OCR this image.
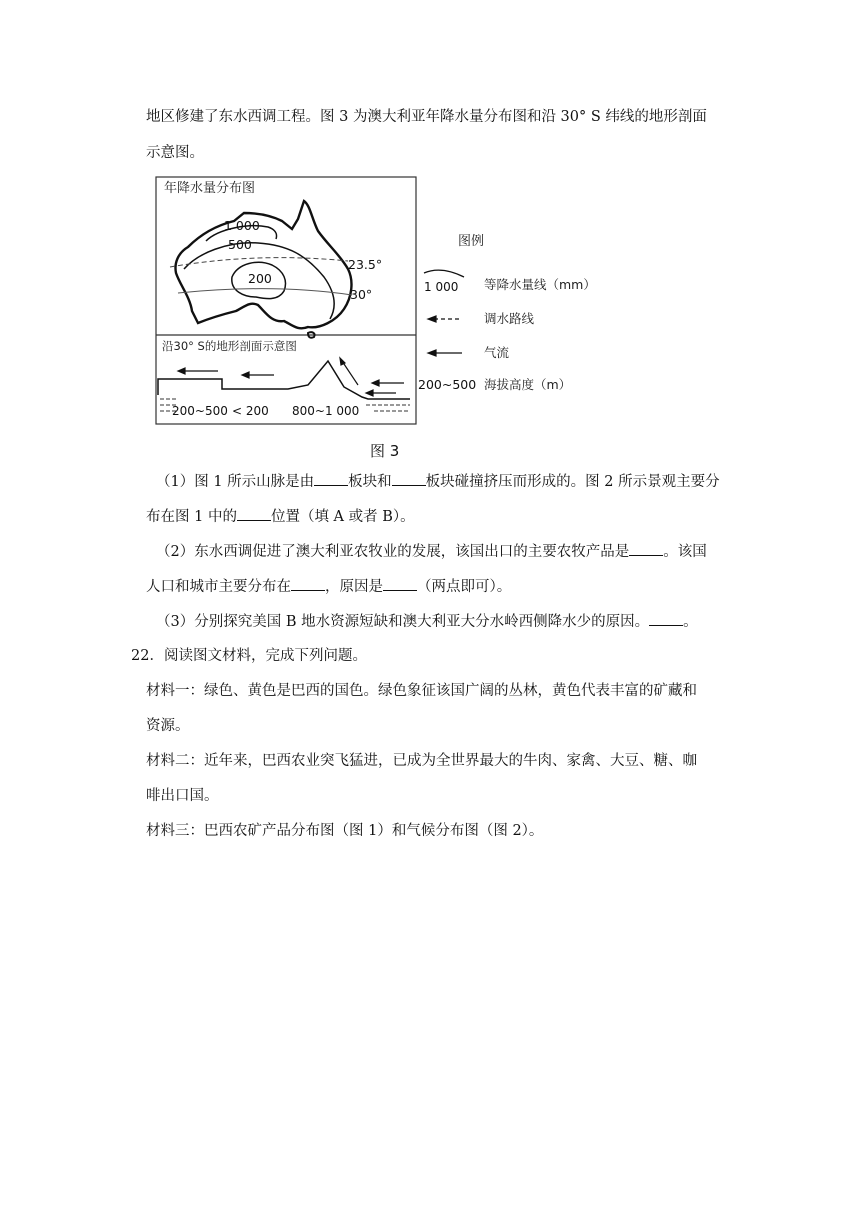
地区修建了东水西调工程。图 3 为澳大利亚年降水量分布图和沿 30° S 纬线的地形剖面
示意图。
年降水量分布图
1 000
500
200
23.5°
30°
沿30° S的地形剖面示意图
200~500 < 200 800~1 000
图例
1 000 等降水量线（mm）
调水路线
气流
200~500 海拔高度（m）
图 3
（1）图 1 所示山脉是由 板块和 板块碰撞挤压而形成的。图 2 所示景观主要分
布在图 1 中的 位置（填 A 或者 B）。
（2）东水西调促进了澳大利亚农牧业的发展，该国出口的主要农牧产品是 。该国
人口和城市主要分布在 ，原因是 （两点即可）。
（3）分别探究美国 B 地水资源短缺和澳大利亚大分水岭西侧降水少的原因。 。
22．阅读图文材料，完成下列问题。
材料一：绿色、黄色是巴西的国色。绿色象征该国广阔的丛林，黄色代表丰富的矿藏和
资源。
材料二：近年来，巴西农业突飞猛进，已成为全世界最大的牛肉、家禽、大豆、糖、咖
啡出口国。
材料三：巴西农矿产品分布图（图 1）和气候分布图（图 2）。
